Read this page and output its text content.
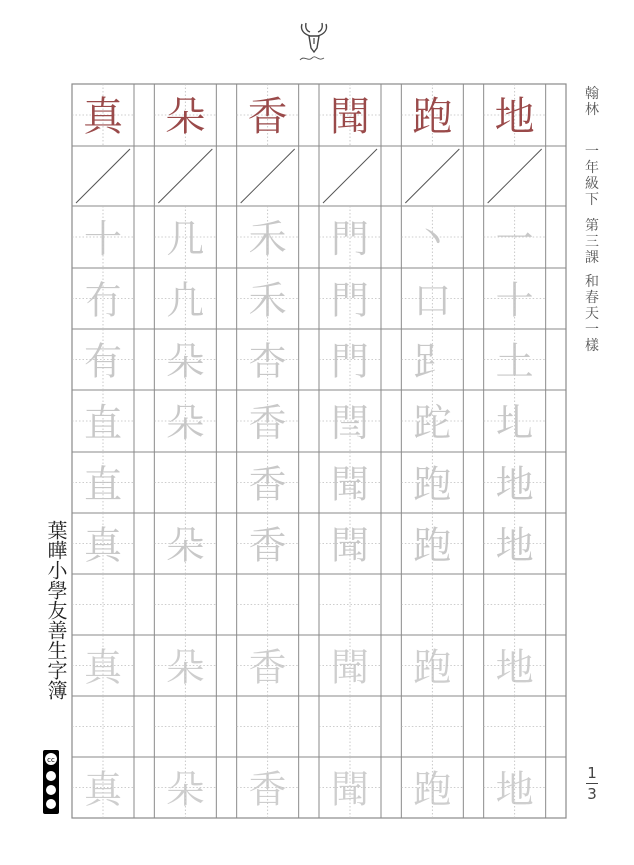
真 朵 香 聞 跑 地
十 几 禾 門 丶 一
冇 凣 禾 門 口 十
有 朵 杏 門 𧾷 土
直 朵 香 閆 跎 圠
直	香 聞 跑 地
真 朵 香 聞 跑 地
真 朵 香 聞 跑 地
真 朵 香 聞 跑 地
翰
林
一
年
級
下
第
三
課
和
春
天
一
樣
葉曄小學友善生字簿
cc
1
3
